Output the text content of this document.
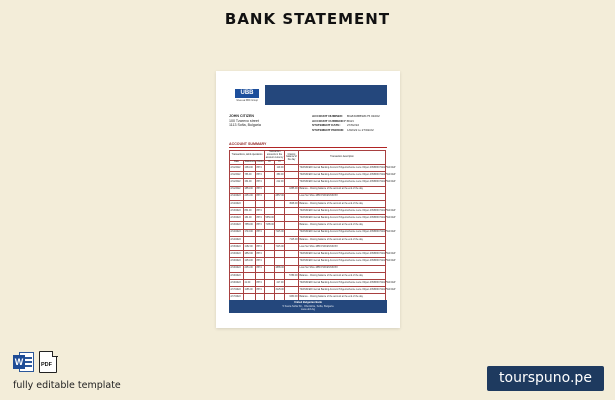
BANK STATEMENT
UBB
Член на KBC Group
JOHN CITIZEN
100 Tzarevo street
1113 Sofia, Bulgaria
ACCOUNT NUMBER:	BG83UBBS8175 01002
ACCOUNT CURRENCY: BGN
STATEMENT DATE:	27/02/22
STATEMENT PERIOD: 1/02/22 to 27/02/22
ACCOUNT SUMMARY
Transactions, debit operations			Transaction amounts in the account currency		Closing balance of the day	Transaction description
Date	Statement	Nostro	Dt	Kt		
2/11/2022	1384.00	8574		119.00		TRANSFER Internal Banking Account P/Agentschoone Lucie Oliiyan 4358936 P1EV7W4 DEP
2/11/2022	786.00	8574		380.00		TRANSFER Internal Banking Account P/Agentschoone Lucie Oliiyan 4358936 P1EV7W4 DEP
2/11/2022	154.00	8574		212.00		TRANSFER Internal Banking Account P/Agentschoone Lucie Oliiyan 4358936 P1EV7W4 DEP
2/11/2022	1854.00	8574			1885.00	Balance - Closing balance of the account at the end of the day
2/12/2022	2451.00	8574		2857.00		Loan Sur Shire 4858 P1FKEVNSXXX
2/12/2022					4548.00	Balance - Closing balance of the account at the end of the day
2/13/2022	854.00	8574				TRANSFER Internal Banking Account P/Agentschoone Lucie Oliiyan 4358936 P1EV7W4 DEP
2/13/2022	184.00	8574	5850.00			TRANSFER Internal Banking Account P/Agentschoone Lucie Oliiyan 4358936 P1EV7W4 DEP
2/13/2022	7859.00	8574	7185.00			Balance - Closing balance of the account at the end of the day
2/14/2022	1743.00	8574		7115.00		TRANSFER Internal Banking Account P/Agentschoone Lucie Oliiyan 4358936 P1EV7W4 DEP
2/14/2022					7115.00	Balance - Closing balance of the account at the end of the day
2/15/2022	1152.00	8574		7115.00		Loan Sur Shire 4858 P1FKEVNSXXX
2/16/2022	1852.00	8574				TRANSFER Internal Banking Account P/Agentschoone Lucie Oliiyan 4358936 P1EV7W4 DEP
2/16/2022	1254.00	8574				TRANSFER Internal Banking Account P/Agentschoone Lucie Oliiyan 4358936 P1EV7W4 DEP
2/16/2022	2451.00	8574		4885.00		Loan Sur Shire 4858 P1FKEVNSXXX
2/16/2022					5789.00	Balance - Closing balance of the account at the end of the day
2/16/2022	41.00	8574		417.00		TRANSFER Internal Banking Account P/Agentschoone Lucie Oliiyan 4358936 P1EV7W4 DEP
2/17/2022	1156.00	8574		3125.00		TRANSFER Internal Banking Account P/Agentschoone Lucie Oliiyan 4358936 P1EV7W4 DEP
2/17/2022					3450.00	Balance - Closing balance of the account at the end of the day
United Bulgarian Bank
5 Sveta Sofia Str., Oborishte, Sofia, Bulgaria
www.ubb.bg
W	PDF
fully editable template	tourspuno.pe
